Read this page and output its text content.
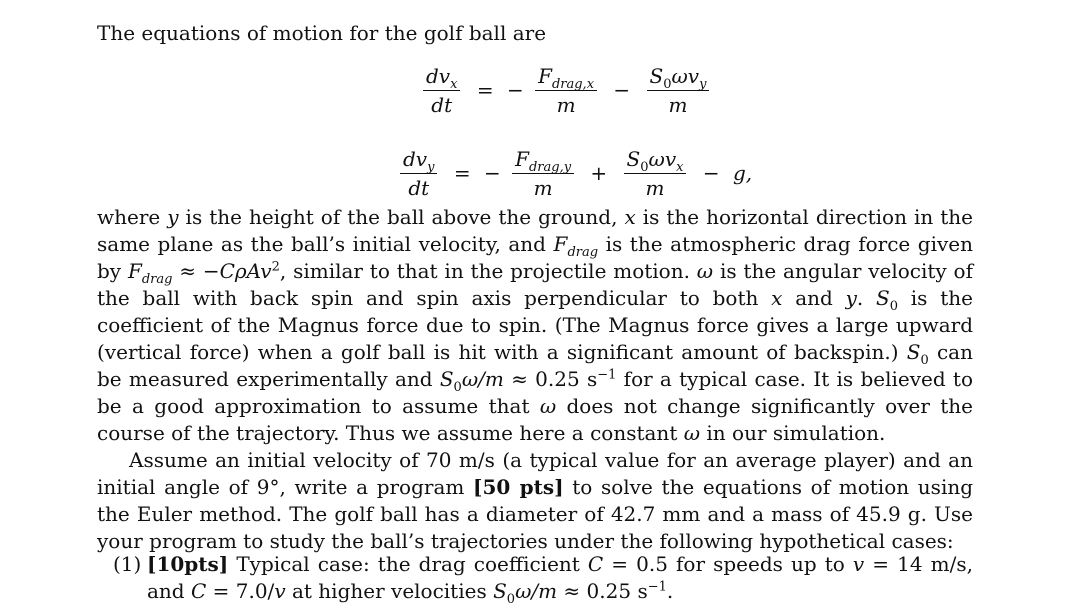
The equations of motion for the golf ball are

$\frac{dv_x}{dt}$ = − $\frac{F_{drag,x}}{m} - \frac{S_0\omega v_y}{m}$
$\frac{dv_y}{dt}$ = − $\frac{F_{drag,y}}{m} + \frac{S_0\omega v_x}{m} - g$,

where y is the height of the ball above the ground, x is the horizontal direction in the same plane as the ball’s initial velocity, and $F_{drag}$ is the atmospheric drag force given by $F_{drag} \approx -C\rho Av^2$, similar to that in the projectile motion. ω is the angular velocity of the ball with back spin and spin axis perpendicular to both x and y. $S_0$ is the coefficient of the Magnus force due to spin. (The Magnus force gives a large upward (vertical force) when a golf ball is hit with a significant amount of backspin.) $S_0$ can be measured experimentally and $S_0\omega/m \approx 0.25$ $s^{-1}$ for a typical case. It is believed to be a good approximation to assume that ω does not change significantly over the course of the trajectory. Thus we assume here a constant ω in our simulation.

Assume an initial velocity of 70 m/s (a typical value for an average player) and an initial angle of 9°, write a program [50 pts] to solve the equations of motion using the Euler method. The golf ball has a diameter of 42.7 mm and a mass of 45.9 g. Use your program to study the ball’s trajectories under the following hypothetical cases:

(1) [10pts] Typical case: the drag coefficient C = 0.5 for speeds up to v = 14 m/s, and C = 7.0/v at higher velocities $S_0\omega/m \approx 0.25$ $s^{-1}$.
